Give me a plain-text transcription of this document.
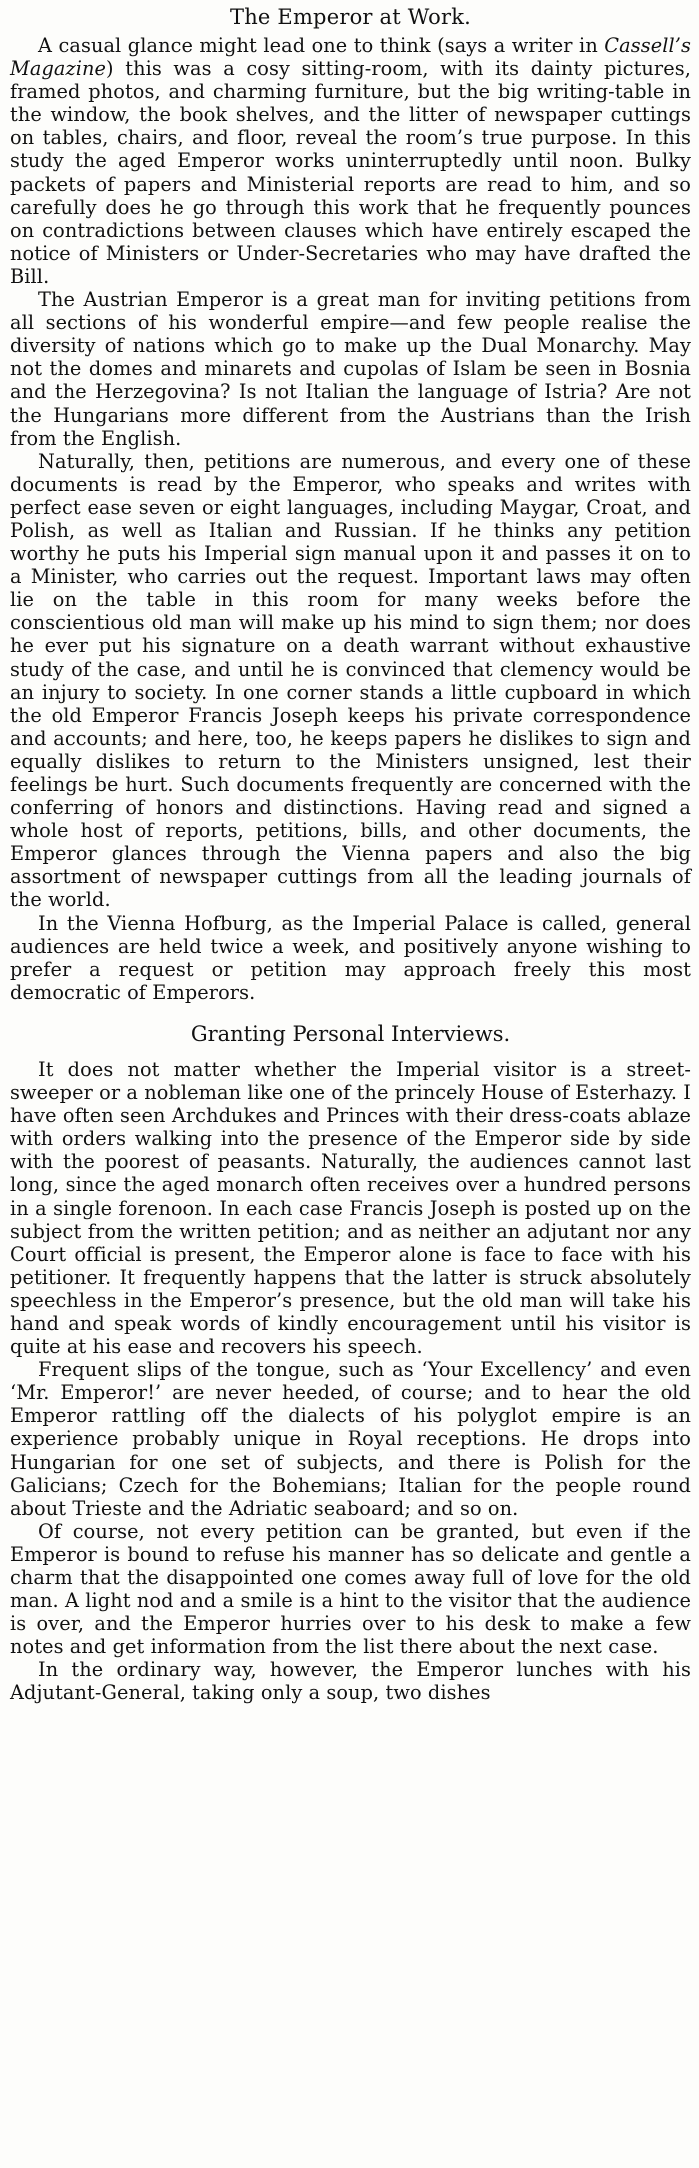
The Emperor at Work.

A casual glance might lead one to think (says a writer in Cassell’s Magazine) this was a cosy sitting-room, with its dainty pictures, framed photos, and charming furniture, but the big writing-table in the window, the book shelves, and the litter of newspaper cuttings on tables, chairs, and floor, reveal the room’s true purpose. In this study the aged Emperor works uninterruptedly until noon. Bulky packets of papers and Ministerial reports are read to him, and so carefully does he go through this work that he frequently pounces on contradictions between clauses which have entirely escaped the notice of Ministers or Under-Secretaries who may have drafted the Bill.

The Austrian Emperor is a great man for inviting petitions from all sections of his wonderful empire—and few people realise the diversity of nations which go to make up the Dual Monarchy. May not the domes and minarets and cupolas of Islam be seen in Bosnia and the Herzegovina? Is not Italian the language of Istria? Are not the Hungarians more different from the Austrians than the Irish from the English.

Naturally, then, petitions are numerous, and every one of these documents is read by the Emperor, who speaks and writes with perfect ease seven or eight languages, including Maygar, Croat, and Polish, as well as Italian and Russian. If he thinks any petition worthy he puts his Imperial sign manual upon it and passes it on to a Minister, who carries out the request. Important laws may often lie on the table in this room for many weeks before the conscientious old man will make up his mind to sign them; nor does he ever put his signature on a death warrant without exhaustive study of the case, and until he is convinced that clemency would be an injury to society. In one corner stands a little cupboard in which the old Emperor Francis Joseph keeps his private correspondence and accounts; and here, too, he keeps papers he dislikes to sign and equally dislikes to return to the Ministers unsigned, lest their feelings be hurt. Such documents frequently are concerned with the conferring of honors and distinctions. Having read and signed a whole host of reports, petitions, bills, and other documents, the Emperor glances through the Vienna papers and also the big assortment of newspaper cuttings from all the leading journals of the world.

In the Vienna Hofburg, as the Imperial Palace is called, general audiences are held twice a week, and positively anyone wishing to prefer a request or petition may approach freely this most democratic of Emperors.

Granting Personal Interviews.

It does not matter whether the Imperial visitor is a street-sweeper or a nobleman like one of the princely House of Esterhazy. I have often seen Archdukes and Princes with their dress-coats ablaze with orders walking into the presence of the Emperor side by side with the poorest of peasants. Naturally, the audiences cannot last long, since the aged monarch often receives over a hundred persons in a single forenoon. In each case Francis Joseph is posted up on the subject from the written petition; and as neither an adjutant nor any Court official is present, the Emperor alone is face to face with his petitioner. It frequently happens that the latter is struck absolutely speechless in the Emperor’s presence, but the old man will take his hand and speak words of kindly encouragement until his visitor is quite at his ease and recovers his speech.

Frequent slips of the tongue, such as ‘Your Excellency’ and even ‘Mr. Emperor!’ are never heeded, of course; and to hear the old Emperor rattling off the dialects of his polyglot empire is an experience probably unique in Royal receptions. He drops into Hungarian for one set of subjects, and there is Polish for the Galicians; Czech for the Bohemians; Italian for the people round about Trieste and the Adriatic seaboard; and so on.

Of course, not every petition can be granted, but even if the Emperor is bound to refuse his manner has so delicate and gentle a charm that the disappointed one comes away full of love for the old man. A light nod and a smile is a hint to the visitor that the audience is over, and the Emperor hurries over to his desk to make a few notes and get information from the list there about the next case.

In the ordinary way, however, the Emperor lunches with his Adjutant-General, taking only a soup, two dishes
